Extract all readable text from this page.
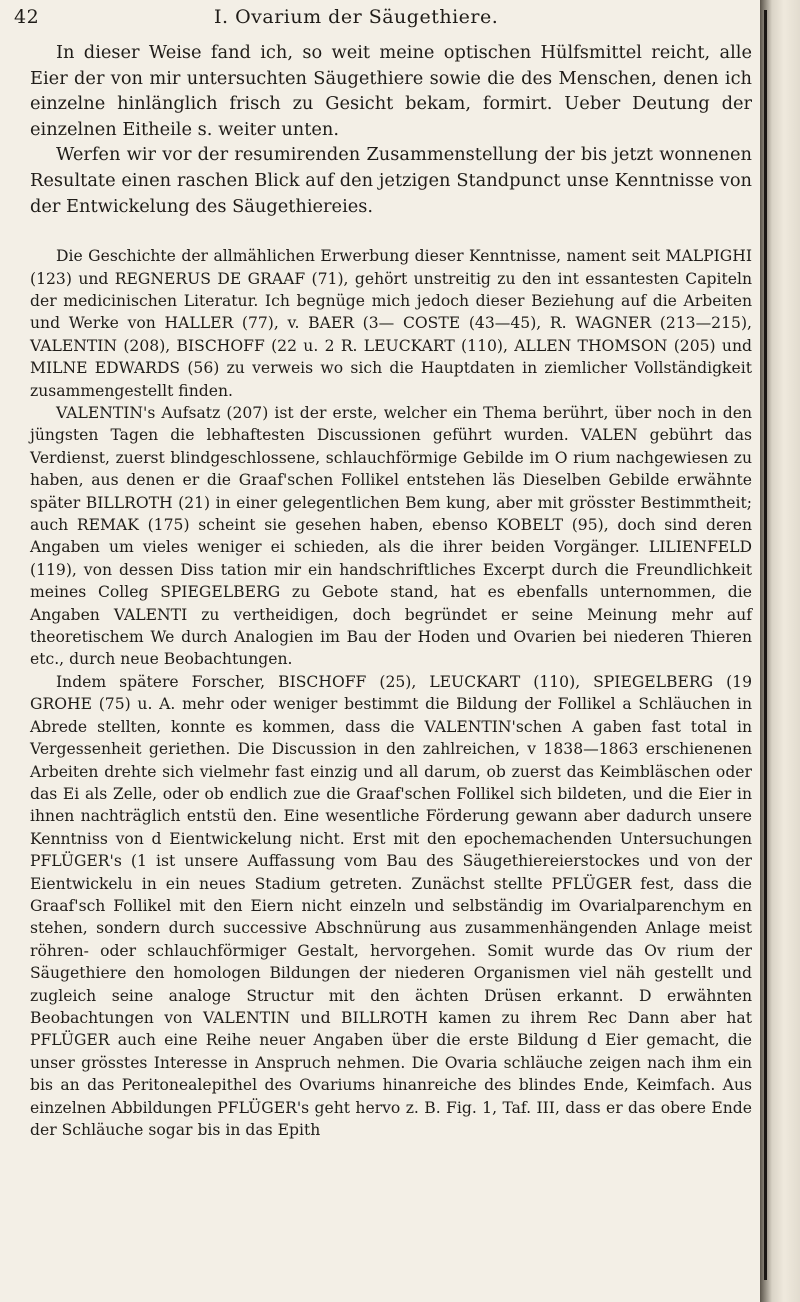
42	I. Ovarium der Säugethiere.

In dieser Weise fand ich, so weit meine optischen Hülfsmittel reicht, alle Eier der von mir untersuchten Säugethiere sowie die des Menschen, denen ich einzelne hinlänglich frisch zu Gesicht bekam, formirt. Ueber Deutung der einzelnen Eitheile s. weiter unten.

Werfen wir vor der resumirenden Zusammenstellung der bis jetzt wonnenen Resultate einen raschen Blick auf den jetzigen Standpunct unse Kenntnisse von der Entwickelung des Säugethiereies.

Die Geschichte der allmählichen Erwerbung dieser Kenntnisse, nament seit MALPIGHI (123) und REGNERUS DE GRAAF (71), gehört unstreitig zu den int essantesten Capiteln der medicinischen Literatur. Ich begnüge mich jedoch dieser Beziehung auf die Arbeiten und Werke von HALLER (77), v. BAER (3— COSTE (43—45), R. WAGNER (213—215), VALENTIN (208), BISCHOFF (22 u. 2 R. LEUCKART (110), ALLEN THOMSON (205) und MILNE EDWARDS (56) zu verweis wo sich die Hauptdaten in ziemlicher Vollständigkeit zusammengestellt finden.

VALENTIN's Aufsatz (207) ist der erste, welcher ein Thema berührt, über noch in den jüngsten Tagen die lebhaftesten Discussionen geführt wurden. VALEN gebührt das Verdienst, zuerst blindgeschlossene, schlauchförmige Gebilde im O rium nachgewiesen zu haben, aus denen er die Graaf'schen Follikel entstehen läs Dieselben Gebilde erwähnte später BILLROTH (21) in einer gelegentlichen Bem kung, aber mit grösster Bestimmtheit; auch REMAK (175) scheint sie gesehen haben, ebenso KOBELT (95), doch sind deren Angaben um vieles weniger ei schieden, als die ihrer beiden Vorgänger. LILIENFELD (119), von dessen Diss tation mir ein handschriftliches Excerpt durch die Freundlichkeit meines Colleg SPIEGELBERG zu Gebote stand, hat es ebenfalls unternommen, die Angaben VALENTI zu vertheidigen, doch begründet er seine Meinung mehr auf theoretischem We durch Analogien im Bau der Hoden und Ovarien bei niederen Thieren etc., durch neue Beobachtungen.

Indem spätere Forscher, BISCHOFF (25), LEUCKART (110), SPIEGELBERG (19 GROHE (75) u. A. mehr oder weniger bestimmt die Bildung der Follikel a Schläuchen in Abrede stellten, konnte es kommen, dass die VALENTIN'schen A gaben fast total in Vergessenheit geriethen. Die Discussion in den zahlreichen, v 1838—1863 erschienenen Arbeiten drehte sich vielmehr fast einzig und all darum, ob zuerst das Keimbläschen oder das Ei als Zelle, oder ob endlich zue die Graaf'schen Follikel sich bildeten, und die Eier in ihnen nachträglich entstü den. Eine wesentliche Förderung gewann aber dadurch unsere Kenntniss von d Eientwickelung nicht. Erst mit den epochemachenden Untersuchungen PFLÜGER's (1 ist unsere Auffassung vom Bau des Säugethiereierstockes und von der Eientwickelu in ein neues Stadium getreten. Zunächst stellte PFLÜGER fest, dass die Graaf'sch Follikel mit den Eiern nicht einzeln und selbständig im Ovarialparenchym en stehen, sondern durch successive Abschnürung aus zusammenhängenden Anlage meist röhren- oder schlauchförmiger Gestalt, hervorgehen. Somit wurde das Ov rium der Säugethiere den homologen Bildungen der niederen Organismen viel näh gestellt und zugleich seine analoge Structur mit den ächten Drüsen erkannt. D erwähnten Beobachtungen von VALENTIN und BILLROTH kamen zu ihrem Rec Dann aber hat PFLÜGER auch eine Reihe neuer Angaben über die erste Bildung d Eier gemacht, die unser grösstes Interesse in Anspruch nehmen. Die Ovaria schläuche zeigen nach ihm ein bis an das Peritonealepithel des Ovariums hinanreiche des blindes Ende, Keimfach. Aus einzelnen Abbildungen PFLÜGER's geht hervo z. B. Fig. 1, Taf. III, dass er das obere Ende der Schläuche sogar bis in das Epith
